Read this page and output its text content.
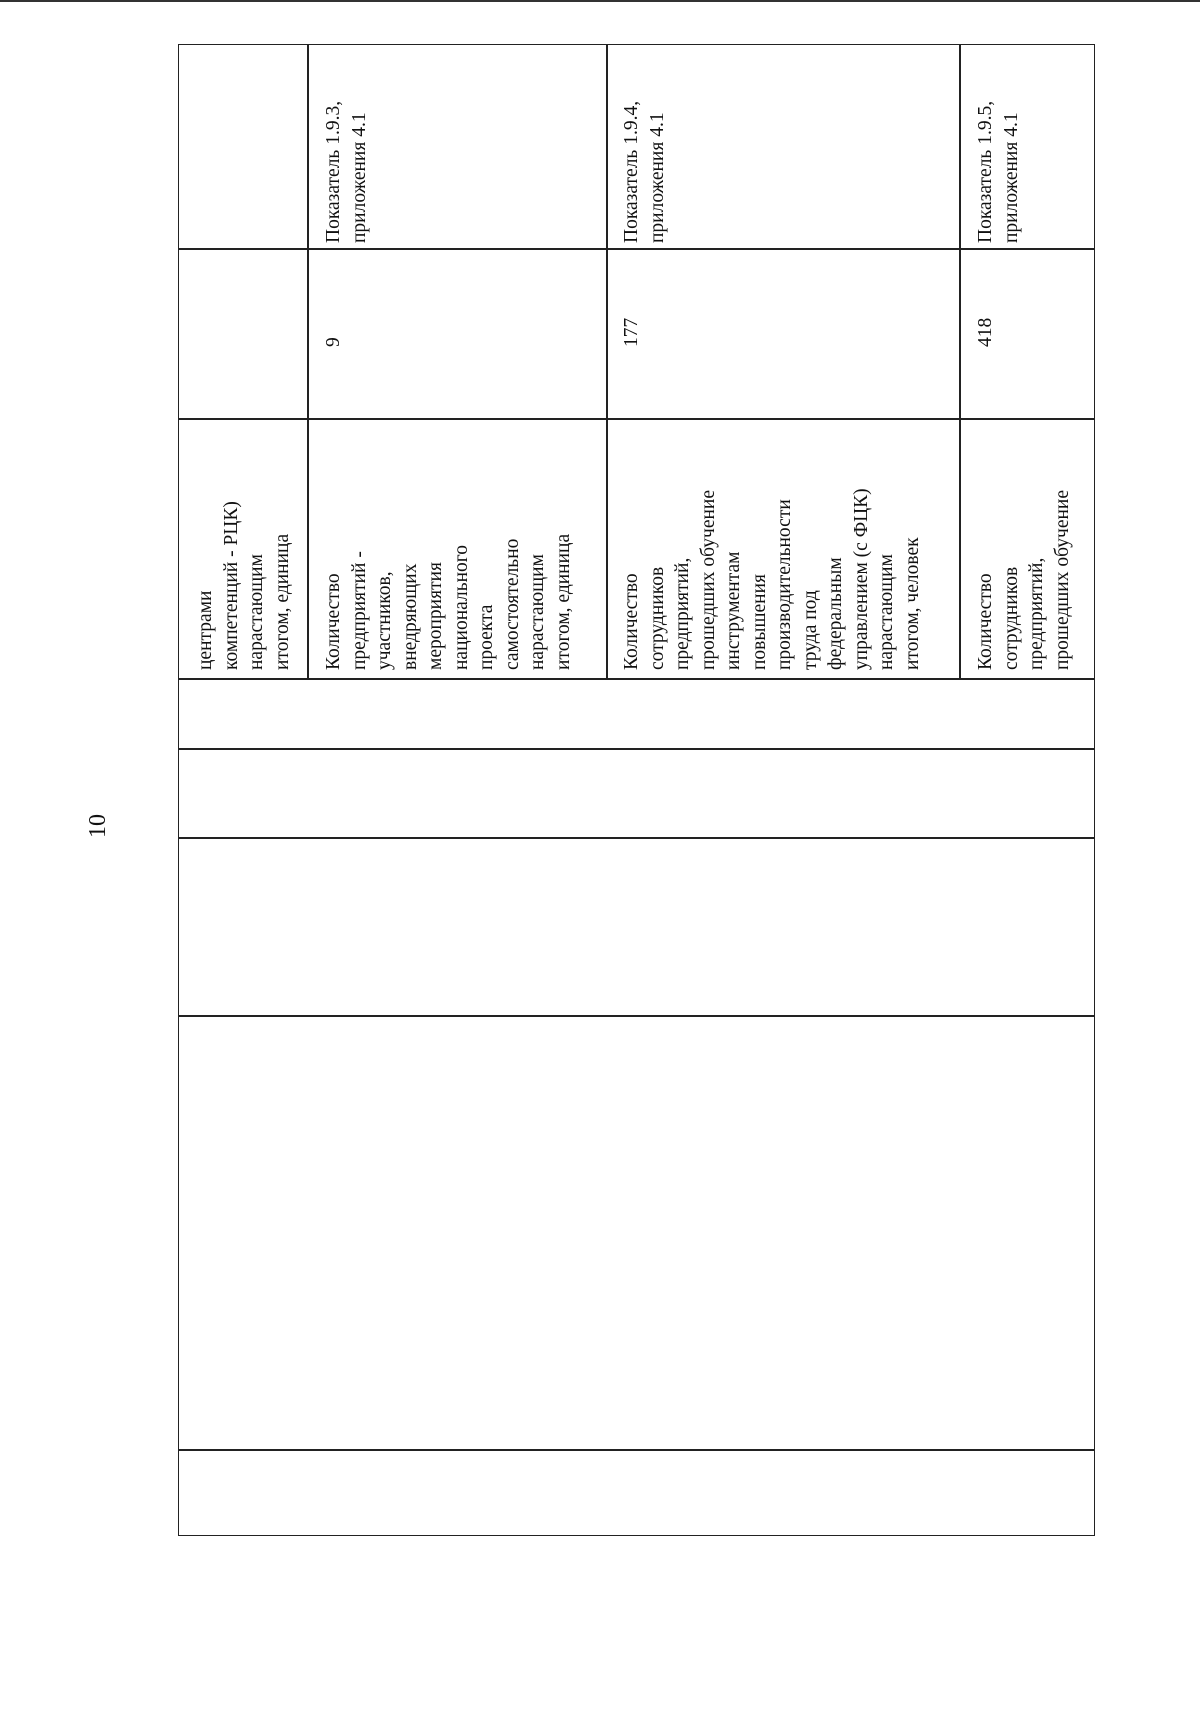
10
центрами
компетенций - РЦК)
нарастающим
итогом, единица
Показатель 1.9.3,
приложения 4.1
9
Количество
предприятий -
участников,
внедряющих
мероприятия
национального
проекта
самостоятельно
нарастающим
итогом, единица
Показатель 1.9.4,
приложения 4.1
177
Количество
сотрудников
предприятий,
прошедших обучение
инструментам
повышения
производительности
труда под
федеральным
управлением (с ФЦК)
нарастающим
итогом, человек
Показатель 1.9.5,
приложения 4.1
418
Количество
сотрудников
предприятий,
прошедших обучение
